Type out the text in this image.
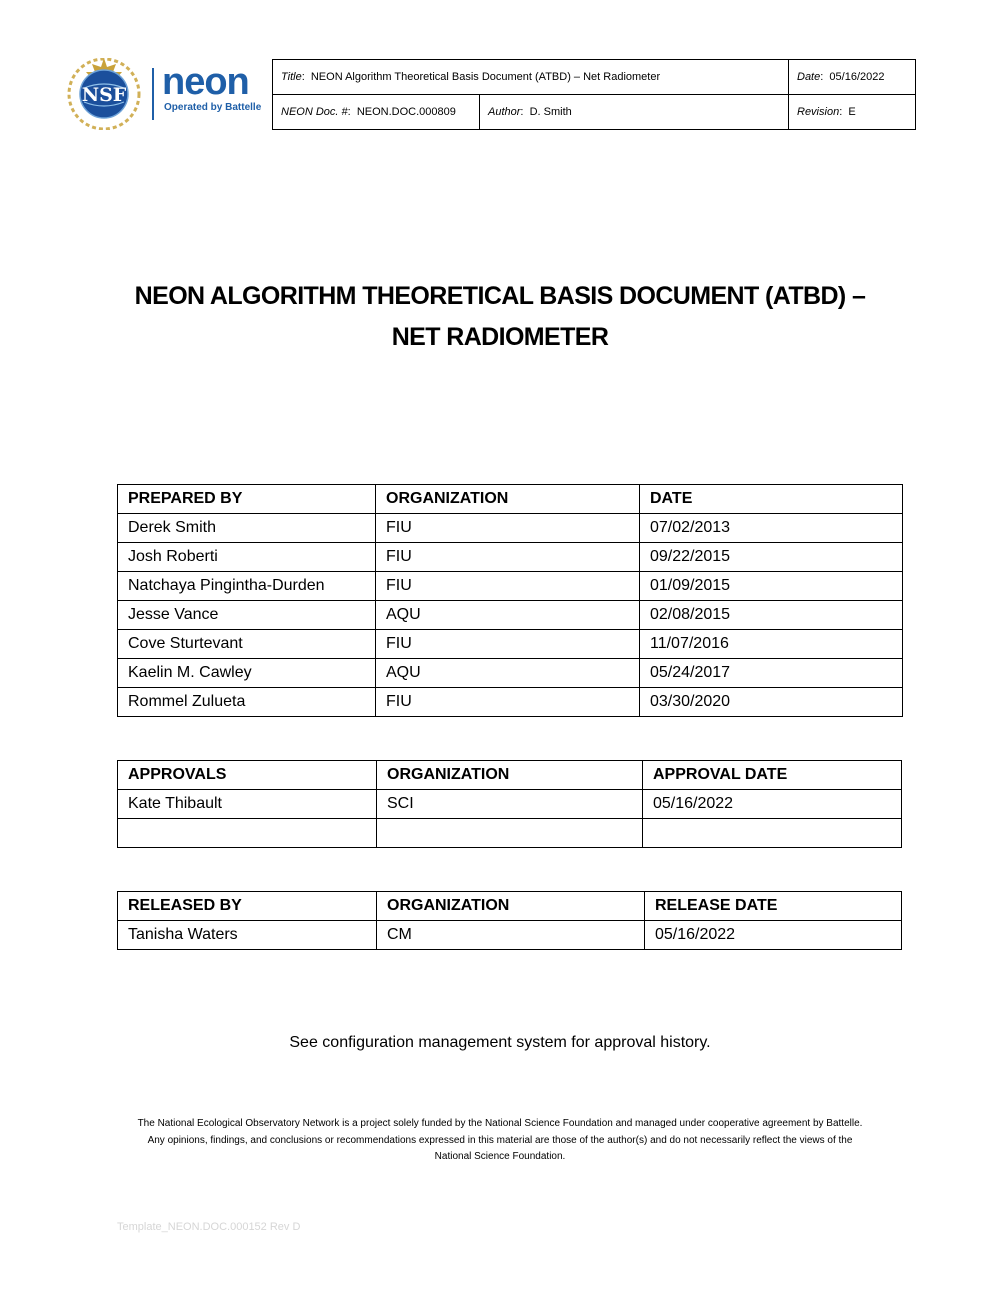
NSF neon
Operated by Battelle
Title:  NEON Algorithm Theoretical Basis Document (ATBD) – Net Radiometer		Date:  05/16/2022
NEON Doc. #:  NEON.DOC.000809	Author:  D. Smith	Revision:  E
NEON ALGORITHM THEORETICAL BASIS DOCUMENT (ATBD) –
NET RADIOMETER
PREPARED BY	ORGANIZATION	DATE
Derek Smith	FIU	07/02/2013
Josh Roberti	FIU	09/22/2015
Natchaya Pingintha-Durden	FIU	01/09/2015
Jesse Vance	AQU	02/08/2015
Cove Sturtevant	FIU	11/07/2016
Kaelin M. Cawley	AQU	05/24/2017
Rommel Zulueta	FIU	03/30/2020
APPROVALS	ORGANIZATION	APPROVAL DATE
Kate Thibault	SCI	05/16/2022

RELEASED BY	ORGANIZATION	RELEASE DATE
Tanisha Waters	CM	05/16/2022
See configuration management system for approval history.
The National Ecological Observatory Network is a project solely funded by the National Science Foundation and managed under cooperative agreement by Battelle.
Any opinions, findings, and conclusions or recommendations expressed in this material are those of the author(s) and do not necessarily reflect the views of the
National Science Foundation.
Template_NEON.DOC.000152 Rev D
